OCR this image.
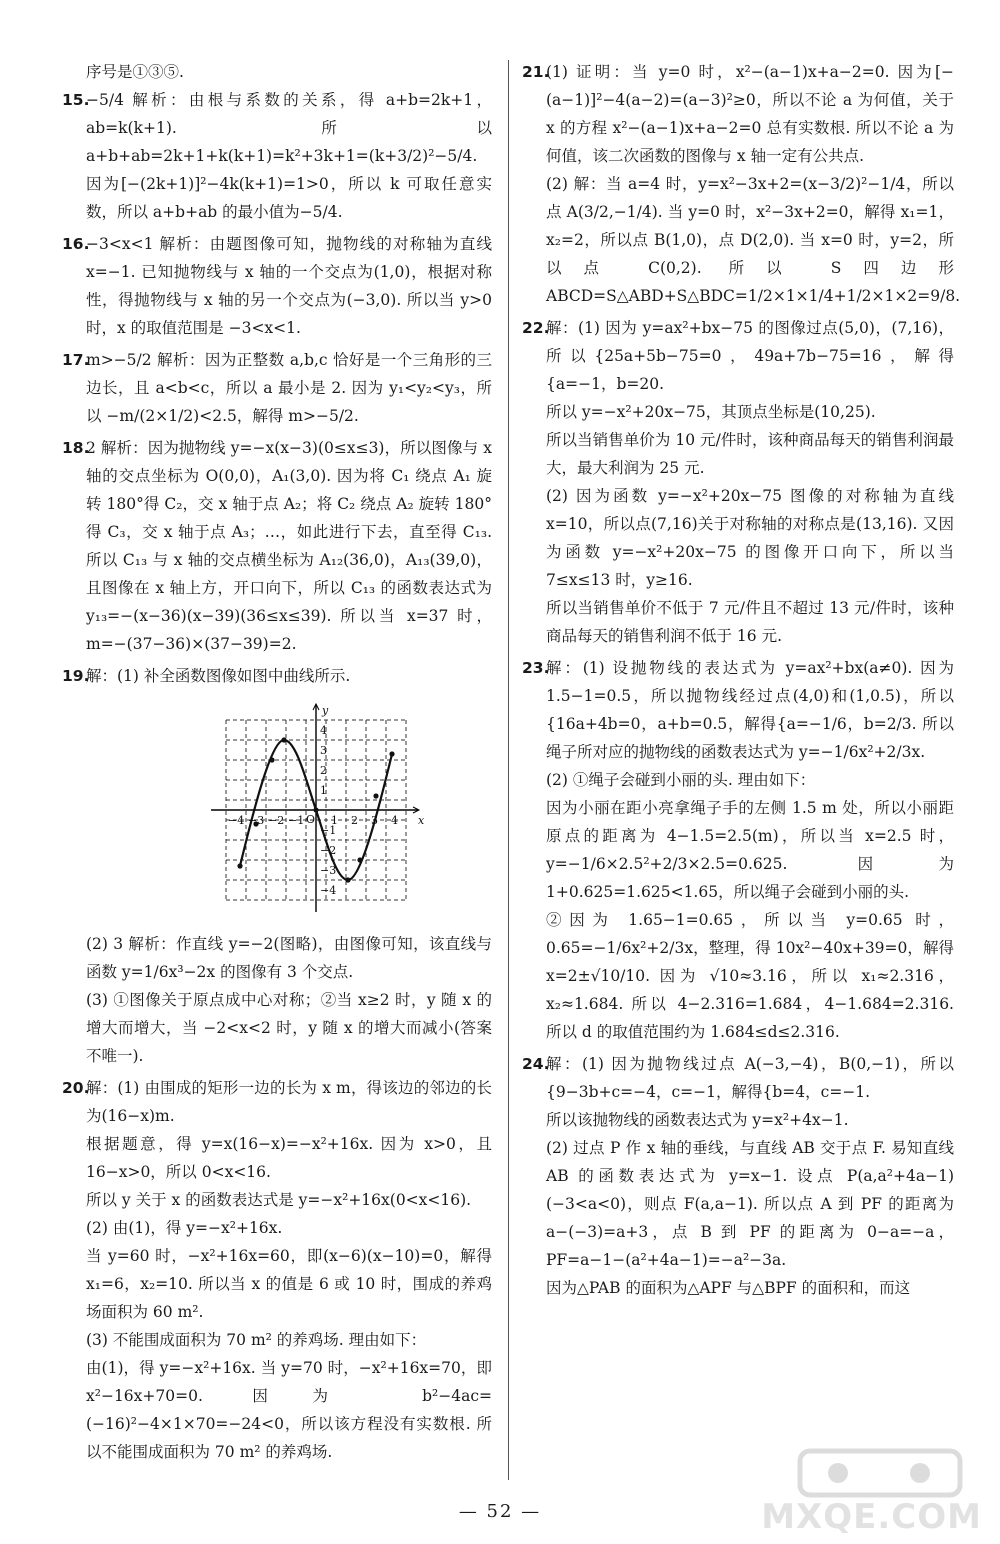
序号是①③⑤.

15.

−5/4 解析：由根与系数的关系，得 a+b=2k+1，ab=k(k+1). 所以 a+b+ab=2k+1+k(k+1)=k²+3k+1=(k+3/2)²−5/4. 因为[−(2k+1)]²−4k(k+1)=1>0，所以 k 可取任意实数，所以 a+b+ab 的最小值为−5/4.

16.

−3<x<1 解析：由题图像可知，抛物线的对称轴为直线 x=−1. 已知抛物线与 x 轴的一个交点为(1,0)，根据对称性，得抛物线与 x 轴的另一个交点为(−3,0). 所以当 y>0 时，x 的取值范围是 −3<x<1.

17.

m>−5/2 解析：因为正整数 a,b,c 恰好是一个三角形的三边长，且 a<b<c，所以 a 最小是 2. 因为 y₁<y₂<y₃，所以 −m/(2×1/2)<2.5，解得 m>−5/2.

18.

2 解析：因为抛物线 y=−x(x−3)(0≤x≤3)，所以图像与 x 轴的交点坐标为 O(0,0)，A₁(3,0). 因为将 C₁ 绕点 A₁ 旋转 180°得 C₂，交 x 轴于点 A₂；将 C₂ 绕点 A₂ 旋转 180°得 C₃，交 x 轴于点 A₃；…，如此进行下去，直至得 C₁₃. 所以 C₁₃ 与 x 轴的交点横坐标为 A₁₂(36,0)，A₁₃(39,0)，且图像在 x 轴上方，开口向下，所以 C₁₃ 的函数表达式为 y₁₃=−(x−36)(x−39)(36≤x≤39). 所以当 x=37 时，m=−(37−36)×(37−39)=2.

19.

解：(1) 补全函数图像如图中曲线所示.

y
x
O
−4 −3 −2 −1 1 2 3 4
4
3
2
1
−1
−2
−3
−4

(2) 3 解析：作直线 y=−2(图略)，由图像可知，该直线与函数 y=1/6x³−2x 的图像有 3 个交点.

(3) ①图像关于原点成中心对称；②当 x≥2 时，y 随 x 的增大而增大，当 −2<x<2 时，y 随 x 的增大而减小(答案不唯一).

20.

解：(1) 由围成的矩形一边的长为 x m，得该边的邻边的长为(16−x)m.

根据题意，得 y=x(16−x)=−x²+16x. 因为 x>0，且 16−x>0，所以 0<x<16.

所以 y 关于 x 的函数表达式是 y=−x²+16x(0<x<16).

(2) 由(1)，得 y=−x²+16x.

当 y=60 时，−x²+16x=60，即(x−6)(x−10)=0，解得 x₁=6，x₂=10. 所以当 x 的值是 6 或 10 时，围成的养鸡场面积为 60 m².

(3) 不能围成面积为 70 m² 的养鸡场. 理由如下：

由(1)，得 y=−x²+16x. 当 y=70 时，−x²+16x=70，即 x²−16x+70=0. 因为 b²−4ac=(−16)²−4×1×70=−24<0，所以该方程没有实数根. 所以不能围成面积为 70 m² 的养鸡场.

21.

(1) 证明：当 y=0 时，x²−(a−1)x+a−2=0. 因为[−(a−1)]²−4(a−2)=(a−3)²≥0，所以不论 a 为何值，关于 x 的方程 x²−(a−1)x+a−2=0 总有实数根. 所以不论 a 为何值，该二次函数的图像与 x 轴一定有公共点.

(2) 解：当 a=4 时，y=x²−3x+2=(x−3/2)²−1/4，所以点 A(3/2,−1/4). 当 y=0 时，x²−3x+2=0，解得 x₁=1，x₂=2，所以点 B(1,0)，点 D(2,0). 当 x=0 时，y=2，所以点 C(0,2). 所以 S四边形ABCD=S△ABD+S△BDC=1/2×1×1/4+1/2×1×2=9/8.

22.

解：(1) 因为 y=ax²+bx−75 的图像过点(5,0)，(7,16)，所以{25a+5b−75=0，49a+7b−75=16，解得{a=−1，b=20.

所以 y=−x²+20x−75，其顶点坐标是(10,25).

所以当销售单价为 10 元/件时，该种商品每天的销售利润最大，最大利润为 25 元.

(2) 因为函数 y=−x²+20x−75 图像的对称轴为直线 x=10，所以点(7,16)关于对称轴的对称点是(13,16). 又因为函数 y=−x²+20x−75 的图像开口向下，所以当 7≤x≤13 时，y≥16.

所以当销售单价不低于 7 元/件且不超过 13 元/件时，该种商品每天的销售利润不低于 16 元.

23.

解：(1) 设抛物线的表达式为 y=ax²+bx(a≠0). 因为 1.5−1=0.5，所以抛物线经过点(4,0)和(1,0.5)，所以{16a+4b=0，a+b=0.5，解得{a=−1/6，b=2/3. 所以绳子所对应的抛物线的函数表达式为 y=−1/6x²+2/3x.

(2) ①绳子会碰到小丽的头. 理由如下：

因为小丽在距小亮拿绳子手的左侧 1.5 m 处，所以小丽距原点的距离为 4−1.5=2.5(m)，所以当 x=2.5 时，y=−1/6×2.5²+2/3×2.5=0.625. 因为 1+0.625=1.625<1.65，所以绳子会碰到小丽的头.

②因为 1.65−1=0.65，所以当 y=0.65 时，0.65=−1/6x²+2/3x，整理，得 10x²−40x+39=0，解得 x=2±√10/10. 因为 √10≈3.16，所以 x₁≈2.316，x₂≈1.684. 所以 4−2.316=1.684，4−1.684=2.316. 所以 d 的取值范围约为 1.684≤d≤2.316.

24.

解：(1) 因为抛物线过点 A(−3,−4)，B(0,−1)，所以{9−3b+c=−4，c=−1，解得{b=4，c=−1.

所以该抛物线的函数表达式为 y=x²+4x−1.

(2) 过点 P 作 x 轴的垂线，与直线 AB 交于点 F. 易知直线 AB 的函数表达式为 y=x−1. 设点 P(a,a²+4a−1)(−3<a<0)，则点 F(a,a−1). 所以点 A 到 PF 的距离为 a−(−3)=a+3，点 B 到 PF 的距离为 0−a=−a，PF=a−1−(a²+4a−1)=−a²−3a.

因为△PAB 的面积为△APF 与△BPF 的面积和，而这

— 52 —	MXQE.COM
